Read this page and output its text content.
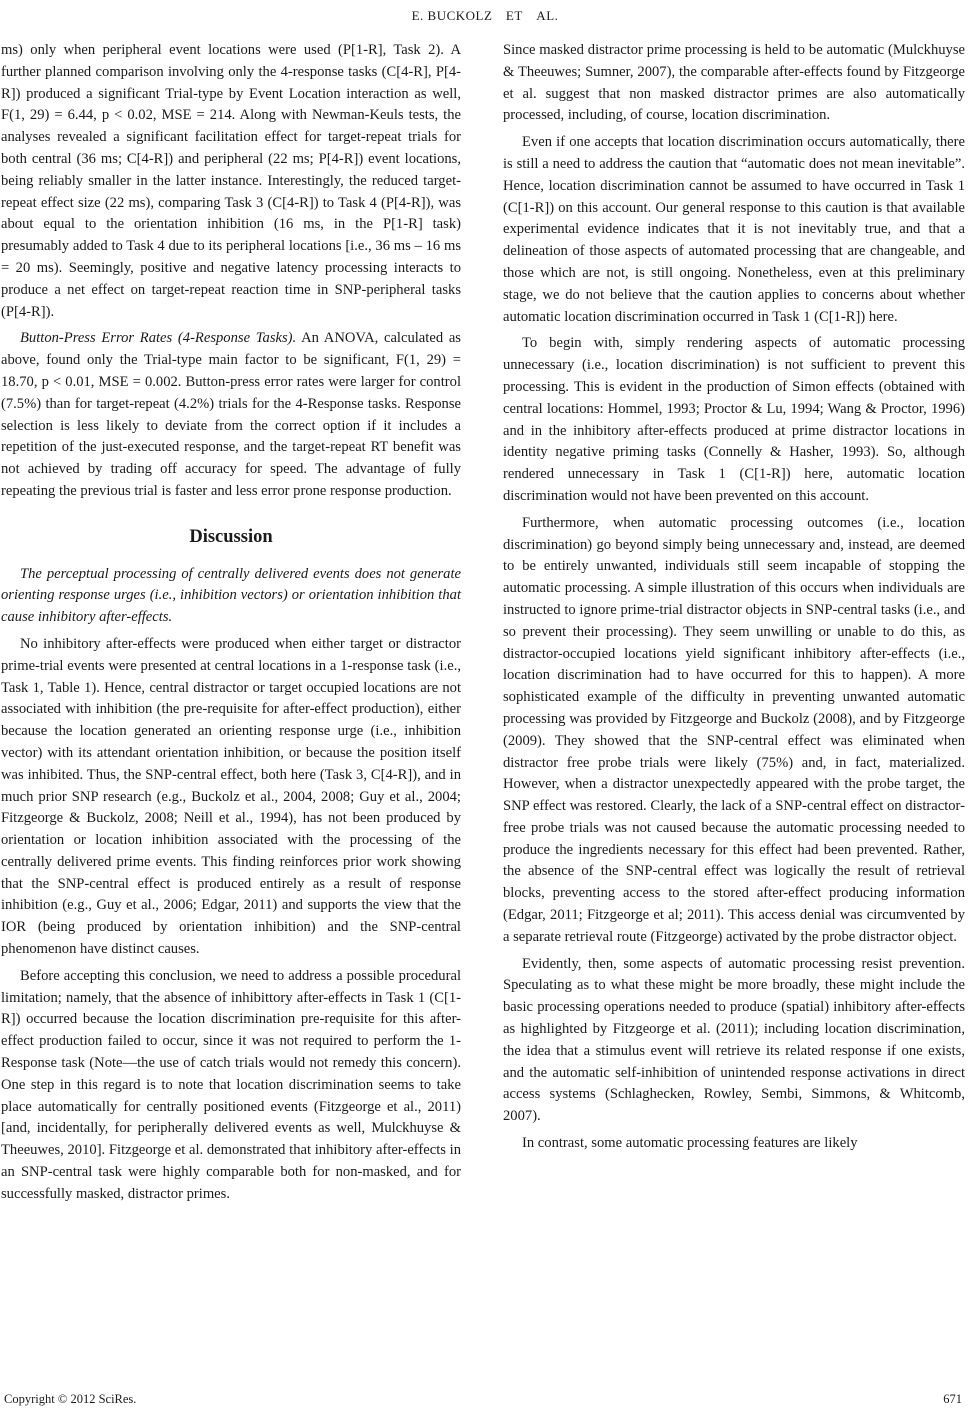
E. BUCKOLZ ET AL.

ms) only when peripheral event locations were used (P[1-R], Task 2). A further planned comparison involving only the 4-response tasks (C[4-R], P[4-R]) produced a significant Trial-type by Event Location interaction as well, F(1, 29) = 6.44, p < 0.02, MSE = 214. Along with Newman-Keuls tests, the analyses revealed a significant facilitation effect for target-repeat trials for both central (36 ms; C[4-R]) and peripheral (22 ms; P[4-R]) event locations, being reliably smaller in the latter instance. Interestingly, the reduced target-repeat effect size (22 ms), comparing Task 3 (C[4-R]) to Task 4 (P[4-R]), was about equal to the orientation inhibition (16 ms, in the P[1-R] task) presumably added to Task 4 due to its peripheral locations [i.e., 36 ms – 16 ms = 20 ms). Seemingly, positive and negative latency processing interacts to produce a net effect on target-repeat reaction time in SNP-peripheral tasks (P[4-R]).

Button-Press Error Rates (4-Response Tasks). An ANOVA, calculated as above, found only the Trial-type main factor to be significant, F(1, 29) = 18.70, p < 0.01, MSE = 0.002. Button-press error rates were larger for control (7.5%) than for target-repeat (4.2%) trials for the 4-Response tasks. Response selection is less likely to deviate from the correct option if it includes a repetition of the just-executed response, and the target-repeat RT benefit was not achieved by trading off accuracy for speed. The advantage of fully repeating the previous trial is faster and less error prone response production.

Discussion

The perceptual processing of centrally delivered events does not generate orienting response urges (i.e., inhibition vectors) or orientation inhibition that cause inhibitory after-effects.

No inhibitory after-effects were produced when either target or distractor prime-trial events were presented at central locations in a 1-response task (i.e., Task 1, Table 1). Hence, central distractor or target occupied locations are not associated with inhibition (the pre-requisite for after-effect production), either because the location generated an orienting response urge (i.e., inhibition vector) with its attendant orientation inhibition, or because the position itself was inhibited. Thus, the SNP-central effect, both here (Task 3, C[4-R]), and in much prior SNP research (e.g., Buckolz et al., 2004, 2008; Guy et al., 2004; Fitzgeorge & Buckolz, 2008; Neill et al., 1994), has not been produced by orientation or location inhibition associated with the processing of the centrally delivered prime events. This finding reinforces prior work showing that the SNP-central effect is produced entirely as a result of response inhibition (e.g., Guy et al., 2006; Edgar, 2011) and supports the view that the IOR (being produced by orientation inhibition) and the SNP-central phenomenon have distinct causes.

Before accepting this conclusion, we need to address a possible procedural limitation; namely, that the absence of inhibittory after-effects in Task 1 (C[1-R]) occurred because the location discrimination pre-requisite for this after-effect production failed to occur, since it was not required to perform the 1-Response task (Note—the use of catch trials would not remedy this concern). One step in this regard is to note that location discrimination seems to take place automatically for centrally positioned events (Fitzgeorge et al., 2011) [and, incidentally, for peripherally delivered events as well, Mulckhuyse & Theeuwes, 2010]. Fitzgeorge et al. demonstrated that inhibitory after-effects in an SNP-central task were highly comparable both for non-masked, and for successfully masked, distractor primes.

Since masked distractor prime processing is held to be automatic (Mulckhuyse & Theeuwes; Sumner, 2007), the comparable after-effects found by Fitzgeorge et al. suggest that non masked distractor primes are also automatically processed, including, of course, location discrimination.

Even if one accepts that location discrimination occurs automatically, there is still a need to address the caution that “automatic does not mean inevitable”. Hence, location discrimination cannot be assumed to have occurred in Task 1 (C[1-R]) on this account. Our general response to this caution is that available experimental evidence indicates that it is not inevitably true, and that a delineation of those aspects of automated processing that are changeable, and those which are not, is still ongoing. Nonetheless, even at this preliminary stage, we do not believe that the caution applies to concerns about whether automatic location discrimination occurred in Task 1 (C[1-R]) here.

To begin with, simply rendering aspects of automatic processing unnecessary (i.e., location discrimination) is not sufficient to prevent this processing. This is evident in the production of Simon effects (obtained with central locations: Hommel, 1993; Proctor & Lu, 1994; Wang & Proctor, 1996) and in the inhibitory after-effects produced at prime distractor locations in identity negative priming tasks (Connelly & Hasher, 1993). So, although rendered unnecessary in Task 1 (C[1-R]) here, automatic location discrimination would not have been prevented on this account.

Furthermore, when automatic processing outcomes (i.e., location discrimination) go beyond simply being unnecessary and, instead, are deemed to be entirely unwanted, individuals still seem incapable of stopping the automatic processing. A simple illustration of this occurs when individuals are instructed to ignore prime-trial distractor objects in SNP-central tasks (i.e., and so prevent their processing). They seem unwilling or unable to do this, as distractor-occupied locations yield significant inhibitory after-effects (i.e., location discrimination had to have occurred for this to happen). A more sophisticated example of the difficulty in preventing unwanted automatic processing was provided by Fitzgeorge and Buckolz (2008), and by Fitzgeorge (2009). They showed that the SNP-central effect was eliminated when distractor free probe trials were likely (75%) and, in fact, materialized. However, when a distractor unexpectedly appeared with the probe target, the SNP effect was restored. Clearly, the lack of a SNP-central effect on distractor-free probe trials was not caused because the automatic processing needed to produce the ingredients necessary for this effect had been prevented. Rather, the absence of the SNP-central effect was logically the result of retrieval blocks, preventing access to the stored after-effect producing information (Edgar, 2011; Fitzgeorge et al; 2011). This access denial was circumvented by a separate retrieval route (Fitzgeorge) activated by the probe distractor object.

Evidently, then, some aspects of automatic processing resist prevention. Speculating as to what these might be more broadly, these might include the basic processing operations needed to produce (spatial) inhibitory after-effects as highlighted by Fitzgeorge et al. (2011); including location discrimination, the idea that a stimulus event will retrieve its related response if one exists, and the automatic self-inhibition of unintended response activations in direct access systems (Schlaghecken, Rowley, Sembi, Simmons, & Whitcomb, 2007).

In contrast, some automatic processing features are likely

Copyright © 2012 SciRes.	671
